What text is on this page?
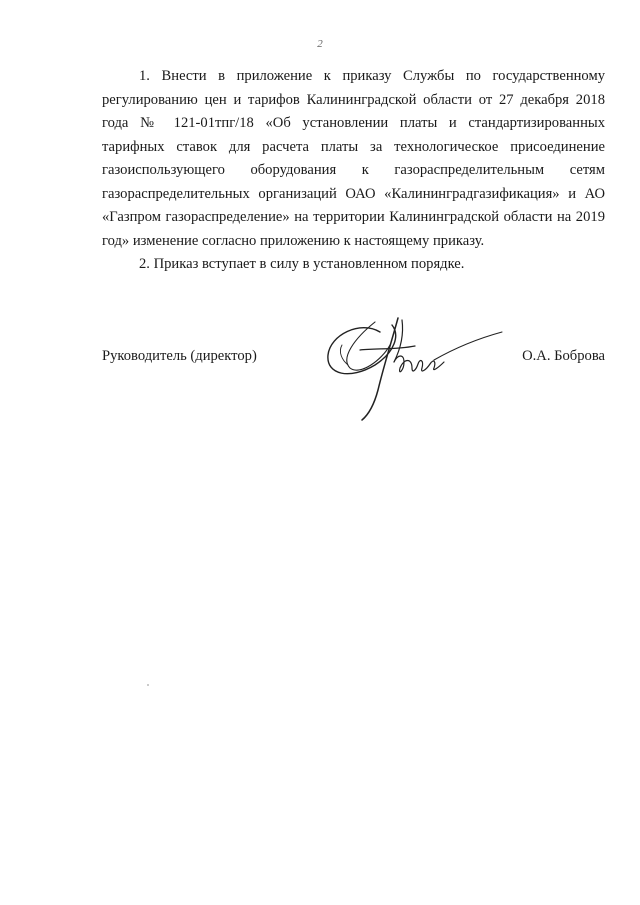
2

1. Внести в приложение к приказу Службы по государственному регулированию цен и тарифов Калининградской области от 27 декабря 2018 года № 121-01тпг/18 «Об установлении платы и стандартизированных тарифных ставок для расчета платы за технологическое присоединение газоиспользующего оборудования к газораспределительным сетям газораспределительных организаций ОАО «Калининградгазификация» и АО «Газпром газораспределение» на территории Калининградской области на 2019 год» изменение согласно приложению к настоящему приказу.

2. Приказ вступает в силу в установленном порядке.

Руководитель (директор)	О.А. Боброва
